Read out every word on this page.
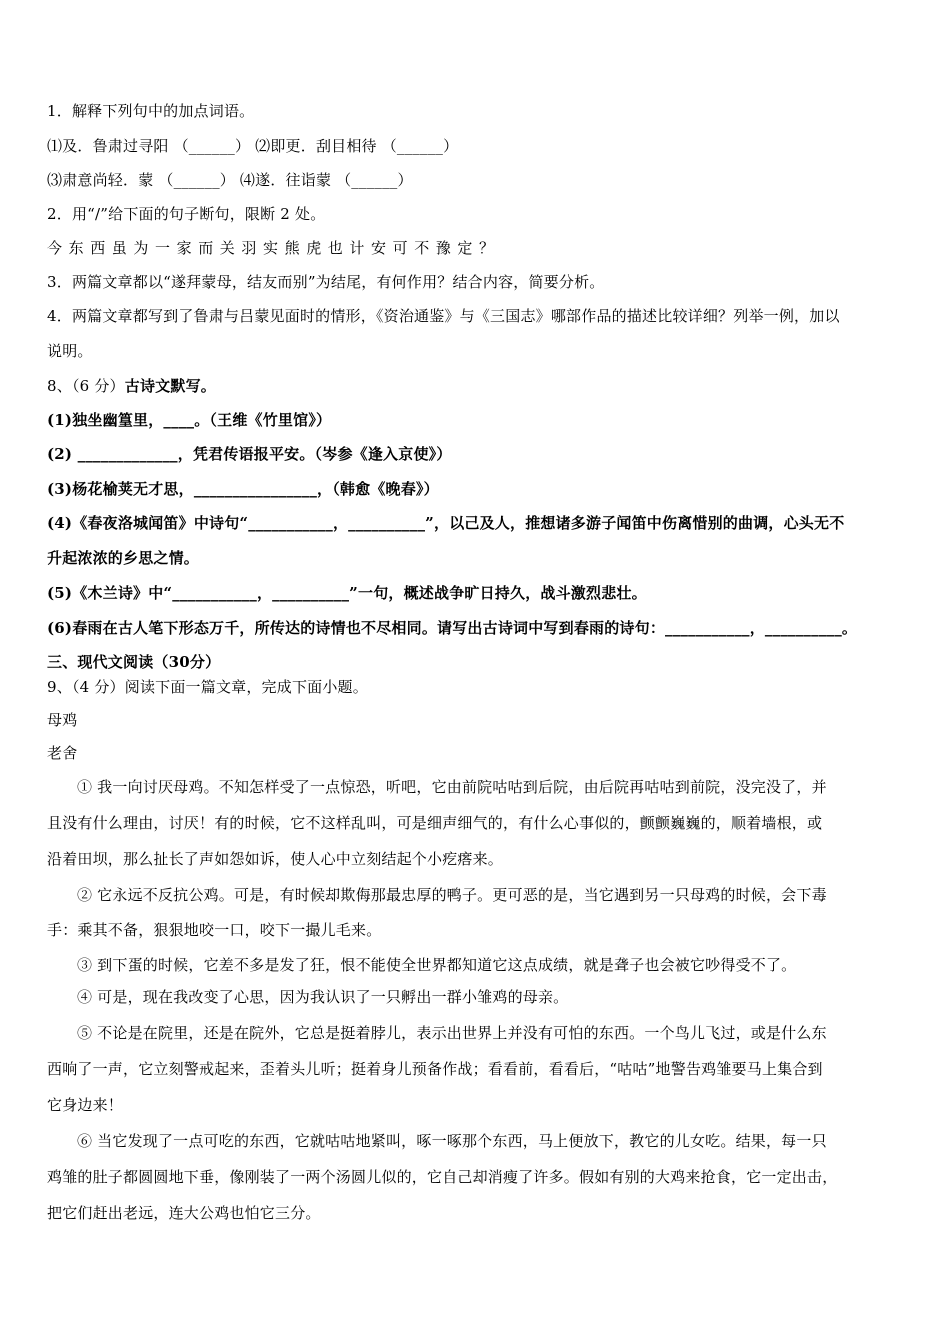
1．解释下列句中的加点词语。
⑴及．鲁肃过寻阳 （______） ⑵即更．刮目相待 （______）
⑶肃意尚轻．蒙 （______） ⑷遂．往诣蒙 （______）
2．用“/”给下面的句子断句，限断 2 处。
今东西虽为一家而关羽实熊虎也计安可不豫定？
3．两篇文章都以“遂拜蒙母，结友而别”为结尾，有何作用？结合内容，简要分析。
4．两篇文章都写到了鲁肃与吕蒙见面时的情形，《资治通鉴》与《三国志》哪部作品的描述比较详细？列举一例，加以
说明。
8、（6 分）古诗文默写。
(1)独坐幽篁里，____。（王维《竹里馆》）
(2) _____________，凭君传语报平安。（岑参《逢入京使》）
(3)杨花榆荚无才思，________________，（韩愈《晚春》）
(4)《春夜洛城闻笛》中诗句“___________，__________”，以己及人，推想诸多游子闻笛中伤离惜别的曲调，心头无不
升起浓浓的乡思之情。
(5)《木兰诗》中“___________，__________”一句，概述战争旷日持久，战斗激烈悲壮。
(6)春雨在古人笔下形态万千，所传达的诗情也不尽相同。请写出古诗词中写到春雨的诗句：___________，__________。
三、现代文阅读（30分）
9、（4 分）阅读下面一篇文章，完成下面小题。
母鸡
老舍
① 我一向讨厌母鸡。不知怎样受了一点惊恐，听吧，它由前院咕咕到后院，由后院再咕咕到前院，没完没了，并
且没有什么理由，讨厌！有的时候，它不这样乱叫，可是细声细气的，有什么心事似的，颤颤巍巍的，顺着墙根，或
沿着田坝，那么扯长了声如怨如诉，使人心中立刻结起个小疙瘩来。
② 它永远不反抗公鸡。可是，有时候却欺侮那最忠厚的鸭子。更可恶的是，当它遇到另一只母鸡的时候，会下毒
手：乘其不备，狠狠地咬一口，咬下一撮儿毛来。
③ 到下蛋的时候，它差不多是发了狂，恨不能使全世界都知道它这点成绩，就是聋子也会被它吵得受不了。
④ 可是，现在我改变了心思，因为我认识了一只孵出一群小雏鸡的母亲。
⑤ 不论是在院里，还是在院外，它总是挺着脖儿，表示出世界上并没有可怕的东西。一个鸟儿飞过，或是什么东
西响了一声，它立刻警戒起来，歪着头儿听；挺着身儿预备作战；看看前，看看后，“咕咕”地警告鸡雏要马上集合到
它身边来！
⑥ 当它发现了一点可吃的东西，它就咕咕地紧叫，啄一啄那个东西，马上便放下，教它的儿女吃。结果，每一只
鸡雏的肚子都圆圆地下垂，像刚装了一两个汤圆儿似的，它自己却消瘦了许多。假如有别的大鸡来抢食，它一定出击，
把它们赶出老远，连大公鸡也怕它三分。
